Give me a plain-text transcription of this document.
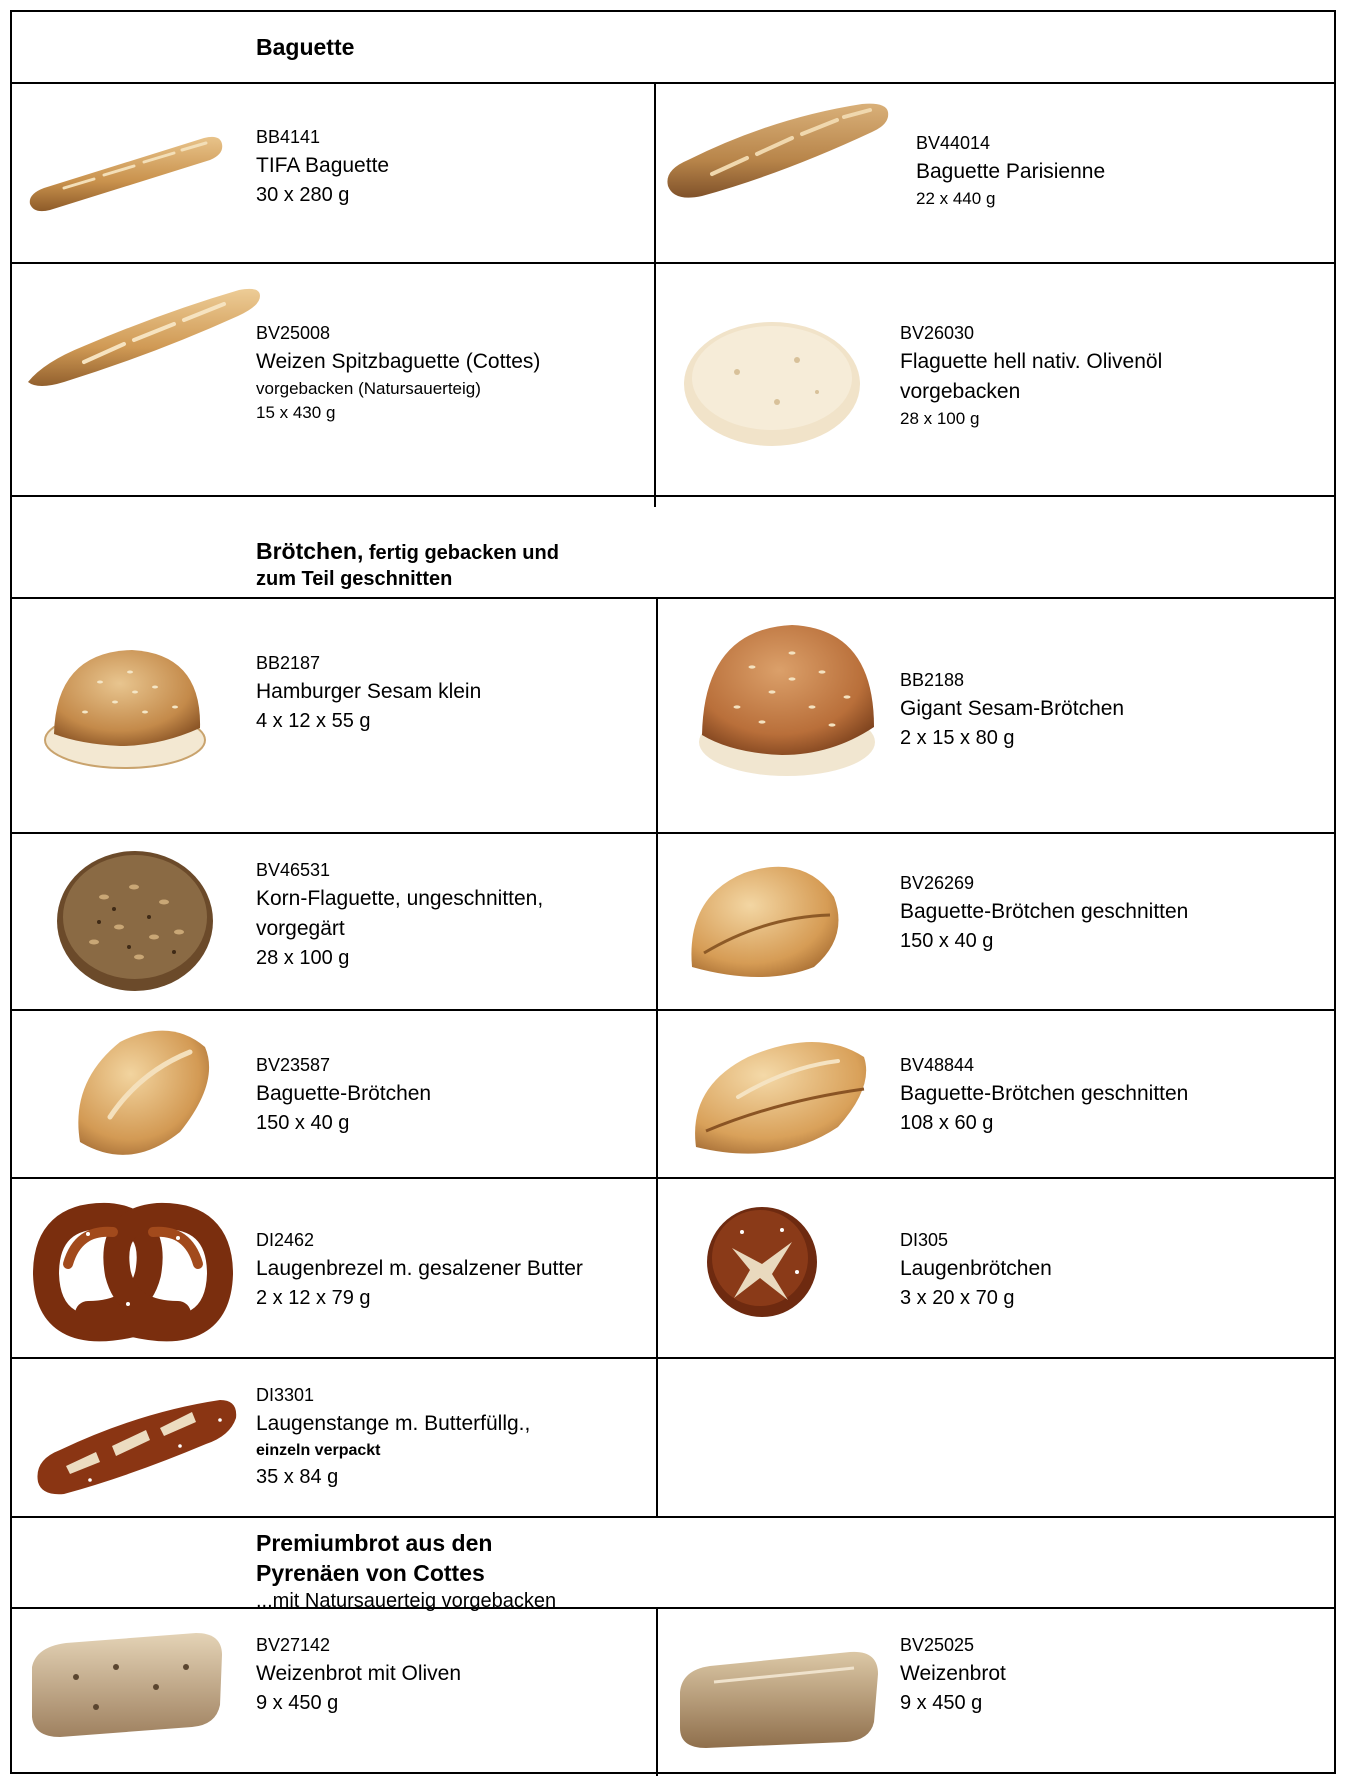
Baguette
Brötchen, fertig gebacken und
zum Teil geschnitten
Premiumbrot aus den
Pyrenäen von Cottes
...mit Natursauerteig vorgebacken
BB4141
TIFA Baguette
30 x 280 g
BV44014
Baguette Parisienne
22 x 440 g
BV25008
Weizen Spitzbaguette (Cottes)
vorgebacken (Natursauerteig)
15 x 430 g
BV26030
Flaguette hell nativ. Olivenöl
vorgebacken
28 x 100 g
BB2187
Hamburger Sesam klein
4 x 12 x 55 g
BB2188
Gigant Sesam-Brötchen
2 x 15 x 80 g
BV46531
Korn-Flaguette, ungeschnitten,
vorgegärt
28 x 100 g
BV26269
Baguette-Brötchen geschnitten
150 x 40 g
BV23587
Baguette-Brötchen
150 x 40 g
BV48844
Baguette-Brötchen geschnitten
108 x 60 g
DI2462
Laugenbrezel m. gesalzener Butter
2 x 12 x 79 g
DI305
Laugenbrötchen
3 x 20 x 70 g
DI3301
Laugenstange m. Butterfüllg.,
einzeln verpackt
35 x 84 g
BV27142
Weizenbrot mit Oliven
9 x 450 g
BV25025
Weizenbrot
9 x 450 g
